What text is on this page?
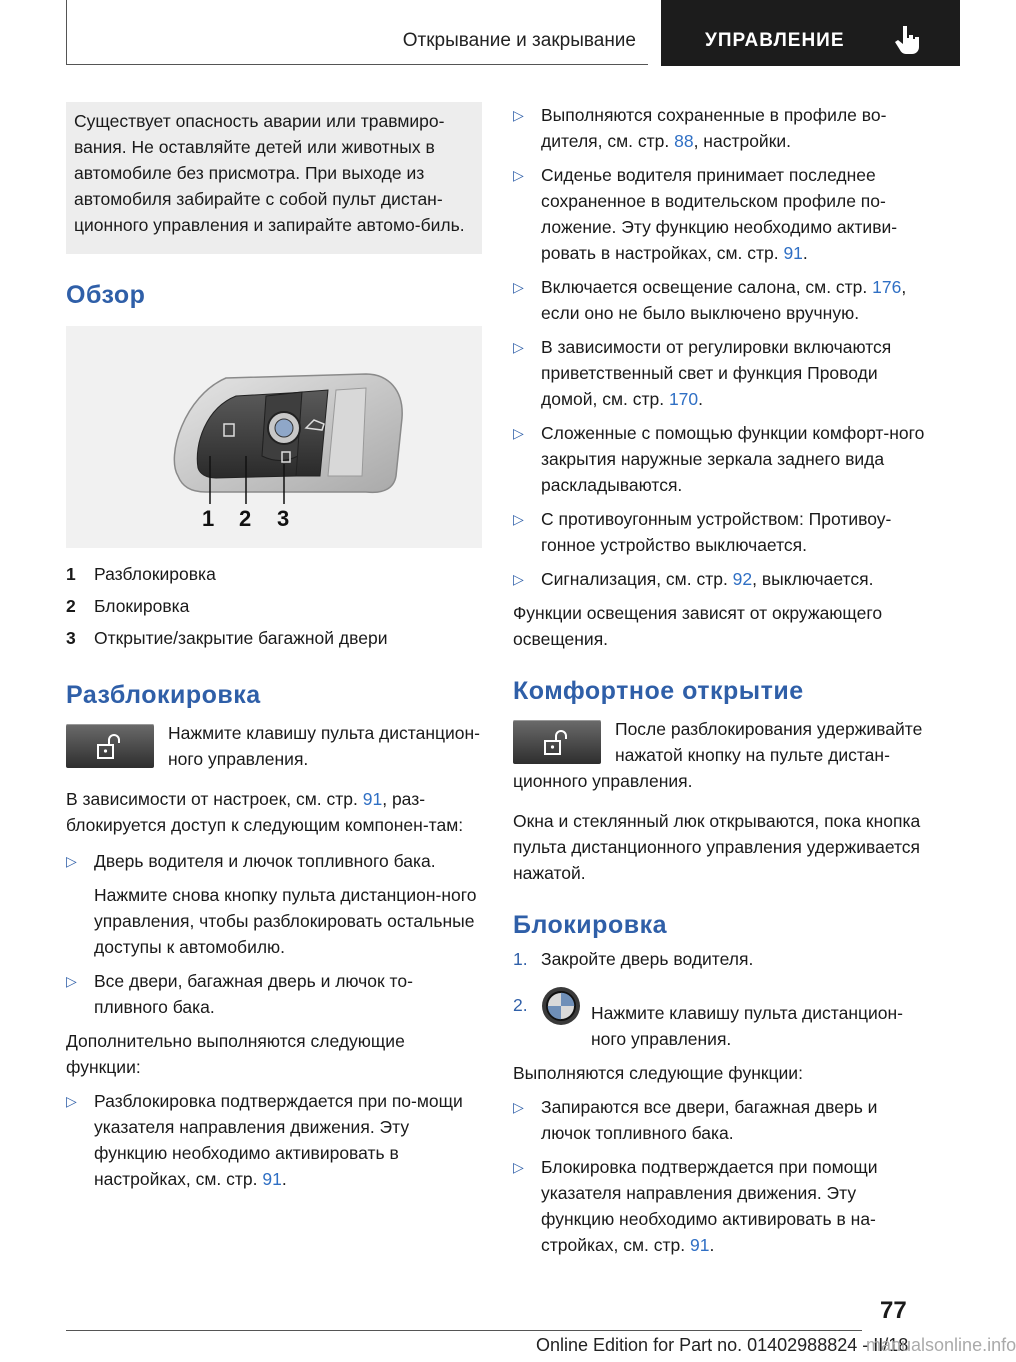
Открывание и закрывание	УПРАВЛЕНИЕ

Существует опасность аварии или травмиро-вания. Не оставляйте детей или животных в автомобиле без присмотра. При выходе из автомобиля забирайте с собой пульт дистан-ционного управления и запирайте автомо-биль.

Обзор
1 2 3
1	Разблокировка
2	Блокировка
3	Открытие/закрытие багажной двери
Разблокировка

Нажмите клавишу пульта дистанцион-ного управления.

В зависимости от настроек, см. стр. 91, раз-блокируется доступ к следующим компонен-там:

▷ Дверь водителя и лючок топливного бака.

Нажмите снова кнопку пульта дистанцион-ного управления, чтобы разблокировать остальные доступы к автомобилю.

▷ Все двери, багажная дверь и лючок то-пливного бака.

Дополнительно выполняются следующие функции:

▷ Разблокировка подтверждается при по-мощи указателя направления движения. Эту функцию необходимо активировать в настройках, см. стр. 91.

▷ Выполняются сохраненные в профиле во-дителя, см. стр. 88, настройки.

▷ Сиденье водителя принимает последнее сохраненное в водительском профиле по-ложение. Эту функцию необходимо активи-ровать в настройках, см. стр. 91.

▷ Включается освещение салона, см. стр. 176, если оно не было выключено вручную.

▷ В зависимости от регулировки включаются приветственный свет и функция Проводи домой, см. стр. 170.

▷ Сложенные с помощью функции комфорт-ного закрытия наружные зеркала заднего вида раскладываются.

▷ С противоугонным устройством: Противоу-гонное устройство выключается.

▷ Сигнализация, см. стр. 92, выключается.

Функции освещения зависят от окружающего освещения.

Комфортное открытие

После разблокирования удерживайте нажатой кнопку на пульте дистан-ционного управления.

Окна и стеклянный люк открываются, пока кнопка пульта дистанционного управления удерживается нажатой.

Блокировка
1. Закройте дверь водителя.

2.	Нажмите клавишу пульта дистанцион-ного управления.

Выполняются следующие функции:

▷ Запираются все двери, багажная дверь и лючок топливного бака.

▷ Блокировка подтверждается при помощи указателя направления движения. Эту функцию необходимо активировать в на-стройках, см. стр. 91.

77
Online Edition for Part no. 01402988824 - II/18
manualsonline.info
